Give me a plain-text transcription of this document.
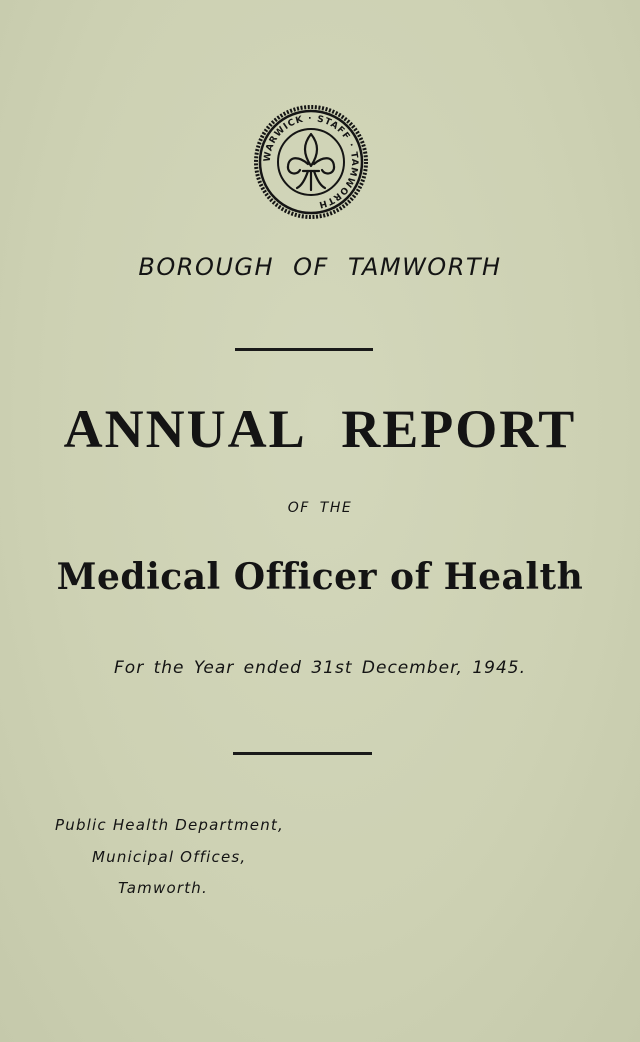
WARWICK · STAFF · TAMWORTH
BOROUGH OF TAMWORTH
ANNUAL REPORT
OF THE
Medical Officer of Health
For the Year ended 31st December, 1945.
Public Health Department,
Municipal Offices,
Tamworth.
